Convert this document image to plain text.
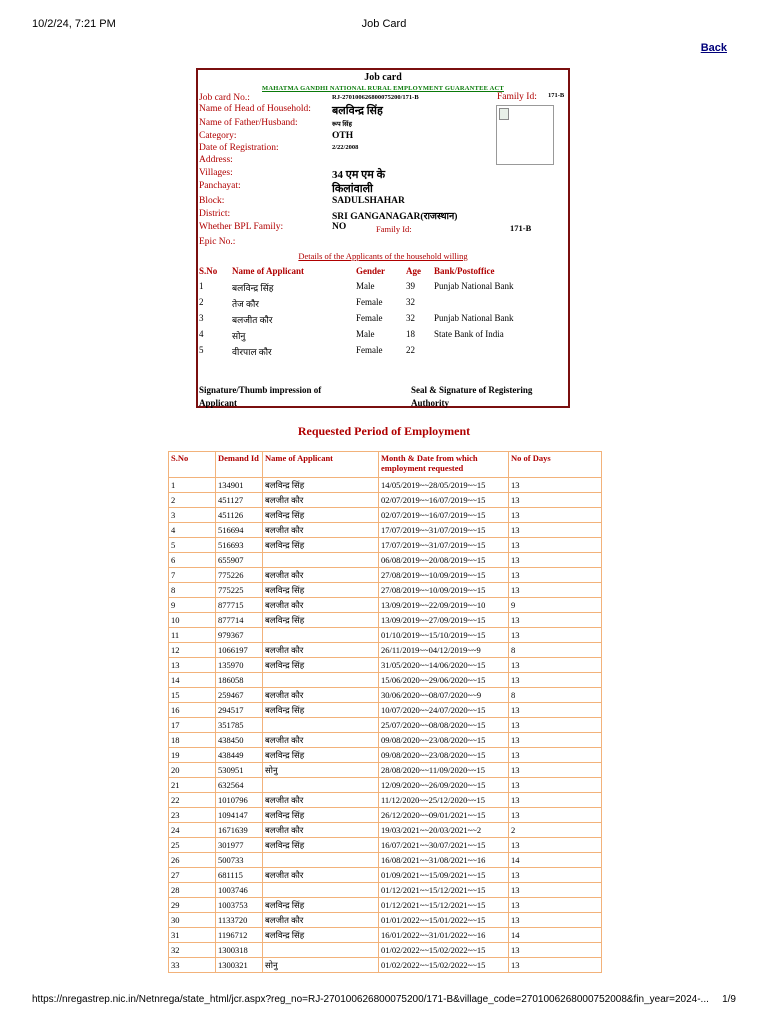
10/2/24, 7:21 PM	Job Card
Back
Job card
MAHATMA GANDHI NATIONAL RURAL EMPLOYMENT GUARANTEE ACT
Job card No.:	RJ-270100626800075200/171-B	Family Id: 171-B
Name of Head of Household: बलविन्द्र सिंह
Name of Father/Husband:	रूप सिंह
Category:	OTH
Date of Registration:	2/22/2008
Address:
Villages:	34 एम एम के
Panchayat:	किलांवाली
Block:	SADULSHAHAR
District:	SRI GANGANAGAR(राजस्थान)
Whether BPL Family:	NO	Family Id:	171-B
Epic No.:
Details of the Applicants of the household willing
S.No Name of Applicant	Gender Age Bank/Postoffice
1	बलविन्द्र सिंह	Male	39 Punjab National Bank
2	तेज कौर	Female	32
3	बलजीत कौर	Female	32 Punjab National Bank
4	सोनु	Male	18 State Bank of India
5	वीरपाल कौर	Female	22
Signature/Thumb impression of Applicant
Seal & Signature of Registering Authority
Requested Period of Employment
S.No	Demand Id	Name of Applicant	Month & Date from which employment requested	No of Days
1	134901	बलविन्द्र सिंह	14/05/2019~~28/05/2019~~15	13
2	451127	बलजीत कौर	02/07/2019~~16/07/2019~~15	13
3	451126	बलविन्द्र सिंह	02/07/2019~~16/07/2019~~15	13
4	516694	बलजीत कौर	17/07/2019~~31/07/2019~~15	13
5	516693	बलविन्द्र सिंह	17/07/2019~~31/07/2019~~15	13
6	655907		06/08/2019~~20/08/2019~~15	13
7	775226	बलजीत कौर	27/08/2019~~10/09/2019~~15	13
8	775225	बलविन्द्र सिंह	27/08/2019~~10/09/2019~~15	13
9	877715	बलजीत कौर	13/09/2019~~22/09/2019~~10	9
10	877714	बलविन्द्र सिंह	13/09/2019~~27/09/2019~~15	13
11	979367		01/10/2019~~15/10/2019~~15	13
12	1066197	बलजीत कौर	26/11/2019~~04/12/2019~~9	8
13	135970	बलविन्द्र सिंह	31/05/2020~~14/06/2020~~15	13
14	186058		15/06/2020~~29/06/2020~~15	13
15	259467	बलजीत कौर	30/06/2020~~08/07/2020~~9	8
16	294517	बलविन्द्र सिंह	10/07/2020~~24/07/2020~~15	13
17	351785		25/07/2020~~08/08/2020~~15	13
18	438450	बलजीत कौर	09/08/2020~~23/08/2020~~15	13
19	438449	बलविन्द्र सिंह	09/08/2020~~23/08/2020~~15	13
20	530951	सोनु	28/08/2020~~11/09/2020~~15	13
21	632564		12/09/2020~~26/09/2020~~15	13
22	1010796	बलजीत कौर	11/12/2020~~25/12/2020~~15	13
23	1094147	बलविन्द्र सिंह	26/12/2020~~09/01/2021~~15	13
24	1671639	बलजीत कौर	19/03/2021~~20/03/2021~~2	2
25	301977	बलविन्द्र सिंह	16/07/2021~~30/07/2021~~15	13
26	500733		16/08/2021~~31/08/2021~~16	14
27	681115	बलजीत कौर	01/09/2021~~15/09/2021~~15	13
28	1003746		01/12/2021~~15/12/2021~~15	13
29	1003753	बलविन्द्र सिंह	01/12/2021~~15/12/2021~~15	13
30	1133720	बलजीत कौर	01/01/2022~~15/01/2022~~15	13
31	1196712	बलविन्द्र सिंह	16/01/2022~~31/01/2022~~16	14
32	1300318		01/02/2022~~15/02/2022~~15	13
33	1300321	सोनु	01/02/2022~~15/02/2022~~15	13
https://nregastrep.nic.in/Netnrega/state_html/jcr.aspx?reg_no=RJ-270100626800075200/171-B&village_code=2701006268000752008&fin_year=2024-...	1/9
